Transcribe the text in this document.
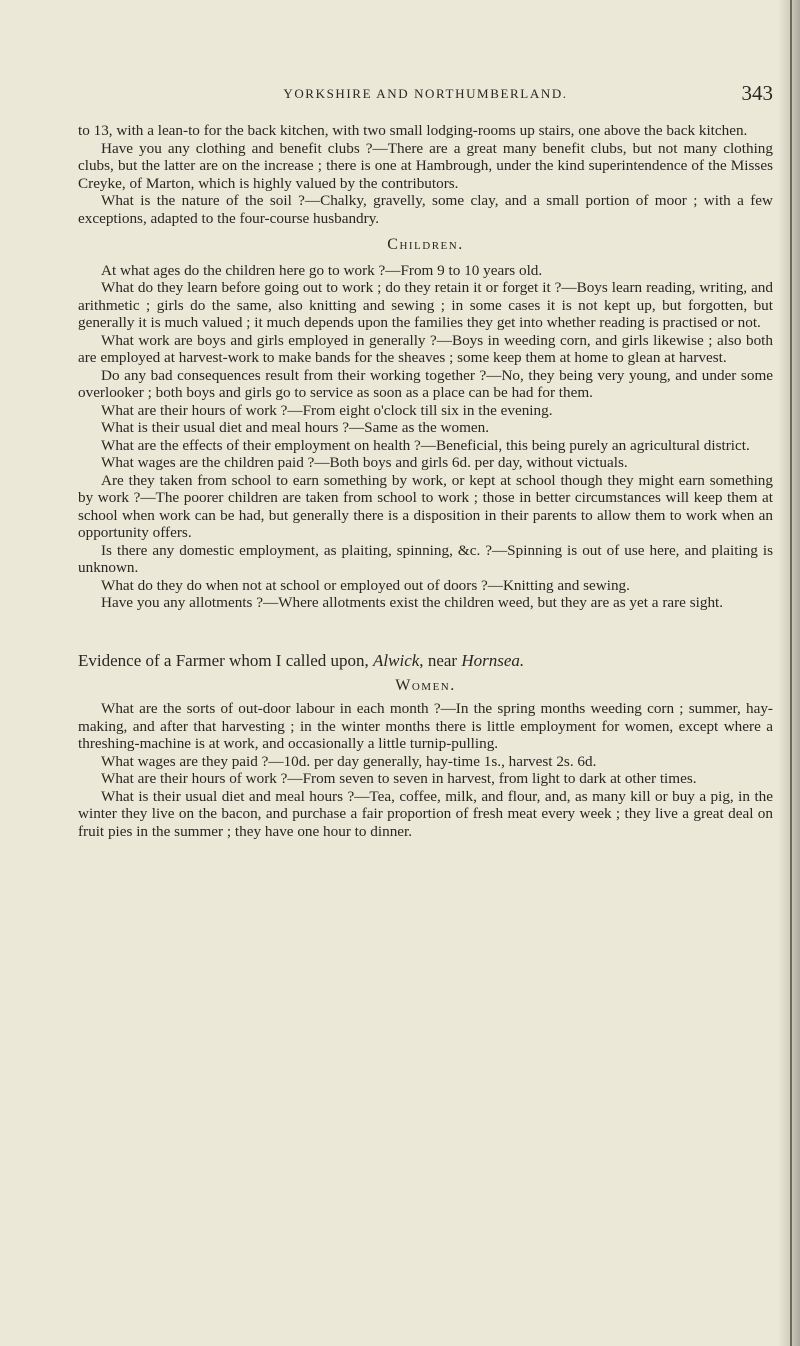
YORKSHIRE AND NORTHUMBERLAND.	343

to 13, with a lean-to for the back kitchen, with two small lodging-rooms up stairs, one above the back kitchen.

Have you any clothing and benefit clubs ?—There are a great many benefit clubs, but not many clothing clubs, but the latter are on the increase ; there is one at Hambrough, under the kind superintendence of the Misses Creyke, of Marton, which is highly valued by the contributors.

What is the nature of the soil ?—Chalky, gravelly, some clay, and a small portion of moor ; with a few exceptions, adapted to the four-course husbandry.

Children.

At what ages do the children here go to work ?—From 9 to 10 years old.

What do they learn before going out to work ; do they retain it or forget it ?—Boys learn reading, writing, and arithmetic ; girls do the same, also knitting and sewing ; in some cases it is not kept up, but forgotten, but generally it is much valued ; it much depends upon the families they get into whether reading is practised or not.

What work are boys and girls employed in generally ?—Boys in weeding corn, and girls likewise ; also both are employed at harvest-work to make bands for the sheaves ; some keep them at home to glean at harvest.

Do any bad consequences result from their working together ?—No, they being very young, and under some overlooker ; both boys and girls go to service as soon as a place can be had for them.

What are their hours of work ?—From eight o'clock till six in the evening.

What is their usual diet and meal hours ?—Same as the women.

What are the effects of their employment on health ?—Beneficial, this being purely an agricultural district.

What wages are the children paid ?—Both boys and girls 6d. per day, without victuals.

Are they taken from school to earn something by work, or kept at school though they might earn something by work ?—The poorer children are taken from school to work ; those in better circumstances will keep them at school when work can be had, but generally there is a disposition in their parents to allow them to work when an opportunity offers.

Is there any domestic employment, as plaiting, spinning, &c. ?—Spinning is out of use here, and plaiting is unknown.

What do they do when not at school or employed out of doors ?—Knitting and sewing.

Have you any allotments ?—Where allotments exist the children weed, but they are as yet a rare sight.

Evidence of a Farmer whom I called upon, Alwick, near Hornsea.

Women.

What are the sorts of out-door labour in each month ?—In the spring months weeding corn ; summer, hay-making, and after that harvesting ; in the winter months there is little employment for women, except where a threshing-machine is at work, and occasionally a little turnip-pulling.

What wages are they paid ?—10d. per day generally, hay-time 1s., harvest 2s. 6d.

What are their hours of work ?—From seven to seven in harvest, from light to dark at other times.

What is their usual diet and meal hours ?—Tea, coffee, milk, and flour, and, as many kill or buy a pig, in the winter they live on the bacon, and purchase a fair proportion of fresh meat every week ; they live a great deal on fruit pies in the summer ; they have one hour to dinner.
